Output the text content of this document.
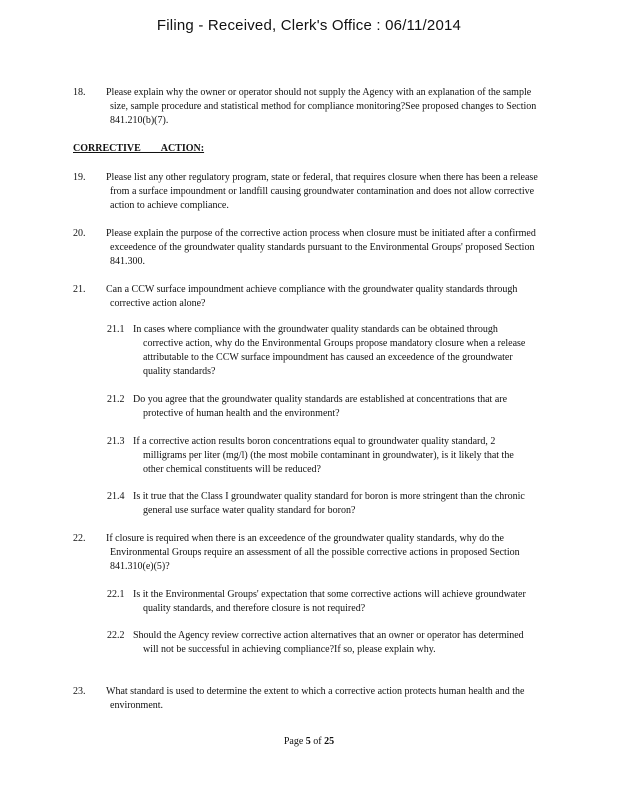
Filing - Received, Clerk's Office : 06/11/2014
18.	Please explain why the owner or operator should not supply the Agency with an explanation of the sample size, sample procedure and statistical method for compliance monitoring?See proposed changes to Section 841.210(b)(7).
CORRECTIVE ACTION:
19.	Please list any other regulatory program, state or federal, that requires closure when there has been a release from a surface impoundment or landfill causing groundwater contamination and does not allow corrective action to achieve compliance.
20.	Please explain the purpose of the corrective action process when closure must be initiated after a confirmed exceedence of the groundwater quality standards pursuant to the Environmental Groups' proposed Section 841.300.
21.	Can a CCW surface impoundment achieve compliance with the groundwater quality standards through corrective action alone?
21.1 In cases where compliance with the groundwater quality standards can be obtained through corrective action, why do the Environmental Groups propose mandatory closure when a release attributable to the CCW surface impoundment has caused an exceedence of the groundwater quality standards?
21.2 Do you agree that the groundwater quality standards are established at concentrations that are protective of human health and the environment?
21.3 If a corrective action results boron concentrations equal to groundwater quality standard, 2 milligrams per liter (mg/l) (the most mobile contaminant in groundwater), is it likely that the other chemical constituents will be reduced?
21.4 Is it true that the Class I groundwater quality standard for boron is more stringent than the chronic general use surface water quality standard for boron?
22.	If closure is required when there is an exceedence of the groundwater quality standards, why do the Environmental Groups require an assessment of all the possible corrective actions in proposed Section 841.310(e)(5)?
22.1 Is it the Environmental Groups' expectation that some corrective actions will achieve groundwater quality standards, and therefore closure is not required?
22.2 Should the Agency review corrective action alternatives that an owner or operator has determined will not be successful in achieving compliance?If so, please explain why.
23.	What standard is used to determine the extent to which a corrective action protects human health and the environment.
Page 5 of 25
